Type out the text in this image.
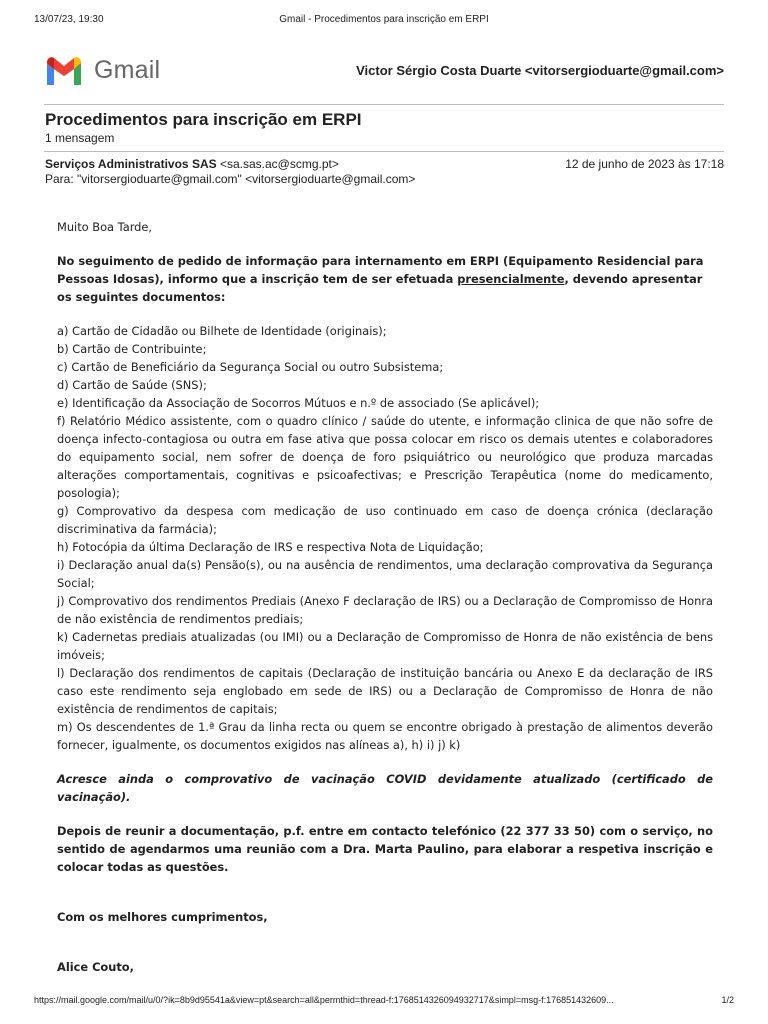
13/07/23, 19:30	Gmail - Procedimentos para inscrição em ERPI
Gmail	Victor Sérgio Costa Duarte <vitorsergioduarte@gmail.com>
Procedimentos para inscrição em ERPI
1 mensagem
Serviços Administrativos SAS <sa.sas.ac@scmg.pt>	12 de junho de 2023 às 17:18
Para: "vitorsergioduarte@gmail.com" <vitorsergioduarte@gmail.com>

Muito Boa Tarde,

No seguimento de pedido de informação para internamento em ERPI (Equipamento Residencial para Pessoas Idosas), informo que a inscrição tem de ser efetuada presencialmente, devendo apresentar os seguintes documentos:

a) Cartão de Cidadão ou Bilhete de Identidade (originais);

b) Cartão de Contribuinte;

c) Cartão de Beneficiário da Segurança Social ou outro Subsistema;

d) Cartão de Saúde (SNS);

e) Identificação da Associação de Socorros Mútuos e n.º de associado (Se aplicável);

f) Relatório Médico assistente, com o quadro clínico / saúde do utente, e informação clinica de que não sofre de doença infecto-contagiosa ou outra em fase ativa que possa colocar em risco os demais utentes e colaboradores do equipamento social, nem sofrer de doença de foro psiquiátrico ou neurológico que produza marcadas alterações comportamentais, cognitivas e psicoafectivas; e Prescrição Terapêutica (nome do medicamento, posologia);

g) Comprovativo da despesa com medicação de uso continuado em caso de doença crónica (declaração discriminativa da farmácia);

h) Fotocópia da última Declaração de IRS e respectiva Nota de Liquidação;

i) Declaração anual da(s) Pensão(s), ou na ausência de rendimentos, uma declaração comprovativa da Segurança Social;

j) Comprovativo dos rendimentos Prediais (Anexo F declaração de IRS) ou a Declaração de Compromisso de Honra de não existência de rendimentos prediais;

k) Cadernetas prediais atualizadas (ou IMI) ou a Declaração de Compromisso de Honra de não existência de bens imóveis;

l) Declaração dos rendimentos de capitais (Declaração de instituição bancária ou Anexo E da declaração de IRS caso este rendimento seja englobado em sede de IRS) ou a Declaração de Compromisso de Honra de não existência de rendimentos de capitais;

m) Os descendentes de 1.ª Grau da linha recta ou quem se encontre obrigado à prestação de alimentos deverão fornecer, igualmente, os documentos exigidos nas alíneas a), h) i) j) k)

Acresce ainda o comprovativo de vacinação COVID devidamente atualizado (certificado de vacinação).

Depois de reunir a documentação, p.f. entre em contacto telefónico (22 377 33 50) com o serviço, no sentido de agendarmos uma reunião com a Dra. Marta Paulino, para elaborar a respetiva inscrição e colocar todas as questões.

Com os melhores cumprimentos,

Alice Couto,

https://mail.google.com/mail/u/0/?ik=8b9d95541a&view=pt&search=all&permthid=thread-f:1768514326094932717&simpl=msg-f:176851432609...	1/2
